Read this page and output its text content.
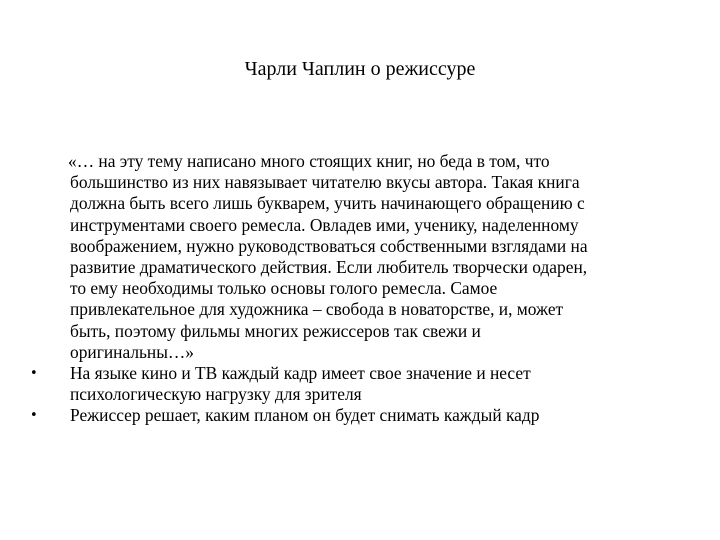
Чарли Чаплин о режиссуре
«… на эту тему написано много стоящих книг, но беда в том, что
большинство из них навязывает читателю вкусы автора. Такая книга
должна быть всего лишь букварем, учить начинающего обращению с
инструментами своего ремесла. Овладев ими, ученику, наделенному
воображением, нужно руководствоваться собственными взглядами на
развитие драматического действия. Если любитель творчески одарен,
то ему необходимы только основы голого ремесла. Самое
привлекательное для художника – свобода в новаторстве, и, может
быть, поэтому фильмы многих режиссеров так свежи и
оригинальны…»
•
На языке кино и ТВ каждый кадр имеет свое значение и несет
психологическую нагрузку для зрителя
•
Режиссер решает, каким планом он будет снимать каждый кадр
